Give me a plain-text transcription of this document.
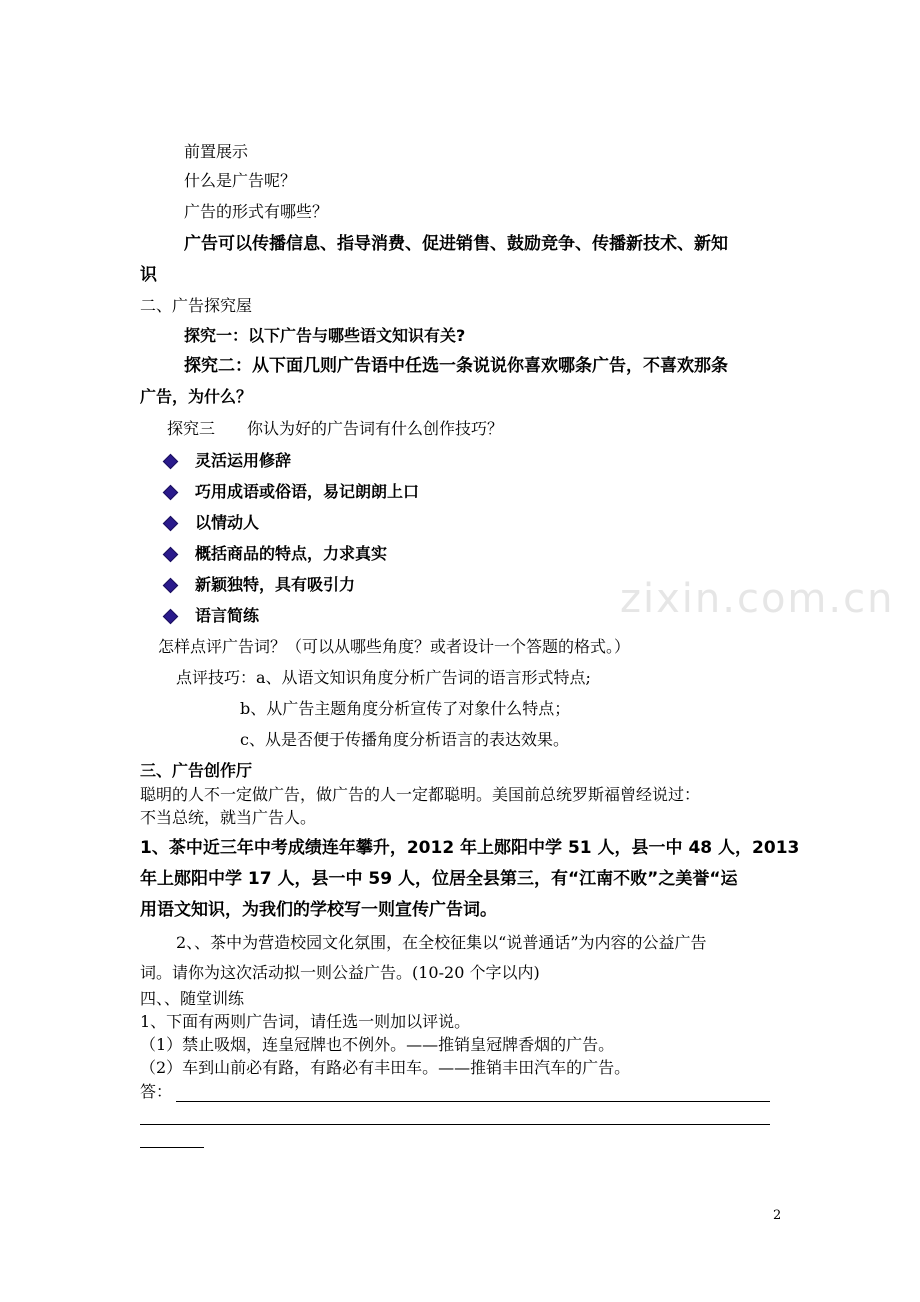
zixin.com.cn
前置展示
什么是广告呢？
广告的形式有哪些？
广告可以传播信息、指导消费、促进销售、鼓励竞争、传播新技术、新知
识
二、广告探究屋
探究一：以下广告与哪些语文知识有关?
探究二：从下面几则广告语中任选一条说说你喜欢哪条广告，不喜欢那条
广告，为什么？
探究三　　你认为好的广告词有什么创作技巧？
灵活运用修辞
巧用成语或俗语，易记朗朗上口
以情动人
概括商品的特点，力求真实
新颖独特，具有吸引力
语言简练
怎样点评广告词？（可以从哪些角度？或者设计一个答题的格式。）
点评技巧：a、从语文知识角度分析广告词的语言形式特点;
b、从广告主题角度分析宣传了对象什么特点；
c、从是否便于传播角度分析语言的表达效果。
三、广告创作厅
聪明的人不一定做广告，做广告的人一定都聪明。美国前总统罗斯福曾经说过：
不当总统，就当广告人。
1、茶中近三年中考成绩连年攀升，2012 年上郧阳中学 51 人，县一中 48 人，2013
年上郧阳中学 17 人，县一中 59 人，位居全县第三，有“江南不败”之美誉“运
用语文知识，为我们的学校写一则宣传广告词。
2、、茶中为营造校园文化氛围，在全校征集以“说普通话”为内容的公益广告
词。请你为这次活动拟一则公益广告。(10-20 个字以内)
四、、随堂训练
1、下面有两则广告词，请任选一则加以评说。
（1）禁止吸烟，连皇冠牌也不例外。——推销皇冠牌香烟的广告。
（2）车到山前必有路，有路必有丰田车。——推销丰田汽车的广告。
答：
2
